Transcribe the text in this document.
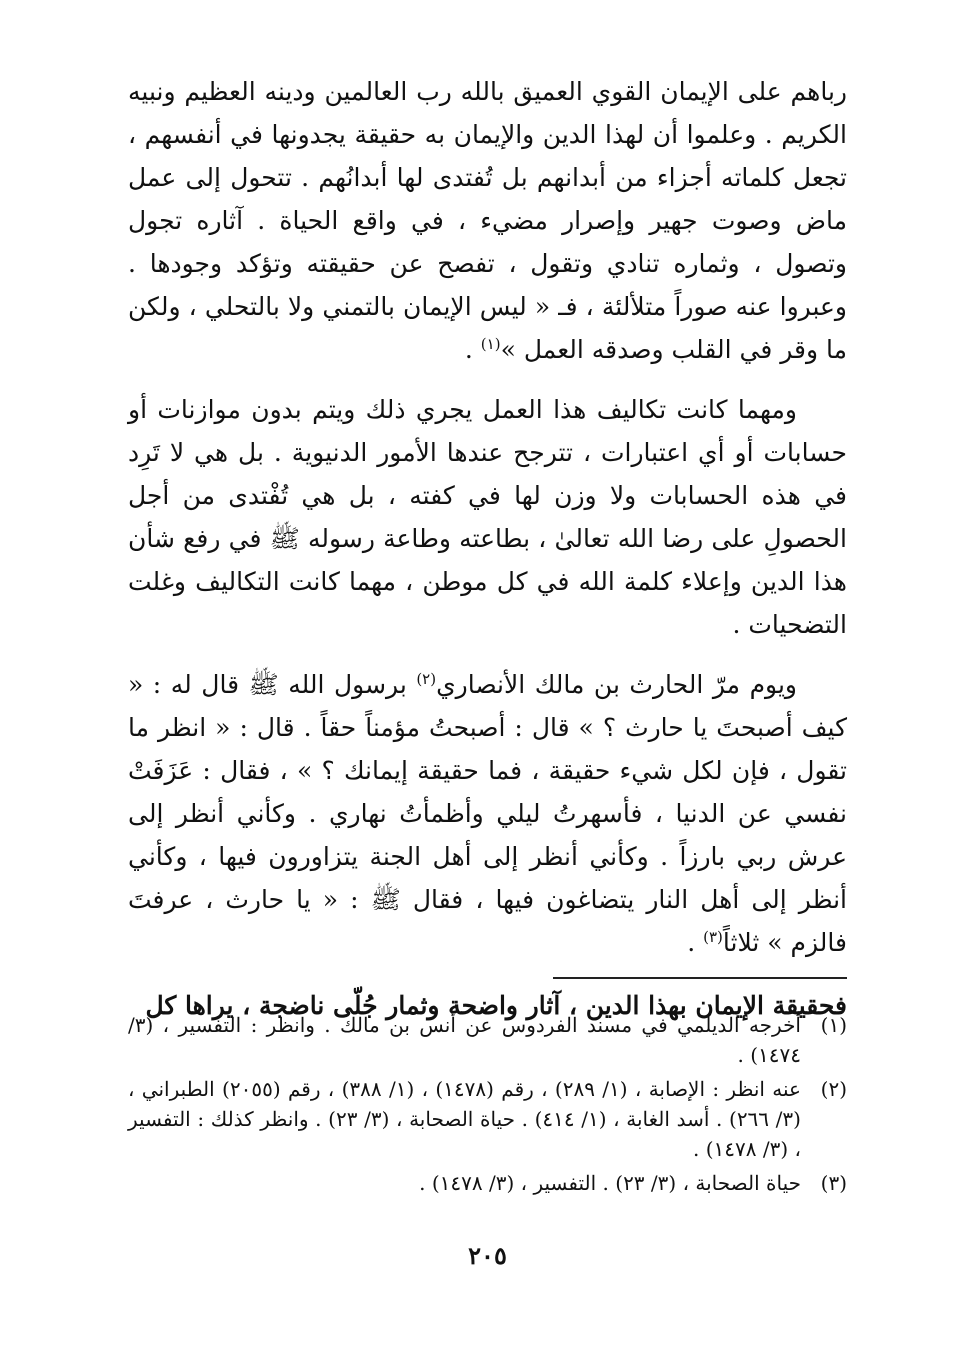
رباهم على الإيمان القوي العميق بالله رب العالمين ودينه العظيم ونبيه الكريم . وعلموا أن لهذا الدين والإيمان به حقيقة يجدونها في أنفسهم ، تجعل كلماته أجزاء من أبدانهم بل تُفتدى لها أبدانُهم . تتحول إلى عمل ماض وصوت جهير وإصرار مضيء ، في واقع الحياة . آثاره تجول وتصول ، وثماره تنادي وتقول ، تفصح عن حقيقته وتؤكد وجودها . وعبروا عنه صوراً متلألئة ، فـ « ليس الإيمان بالتمني ولا بالتحلي ، ولكن ما وقر في القلب وصدقه العمل »$^{(١)}$ .

ومهما كانت تكاليف هذا العمل يجري ذلك ويتم بدون موازنات أو حسابات أو أي اعتبارات ، تترجح عندها الأمور الدنيوية . بل هي لا تَرِد في هذه الحسابات ولا وزن لها في كفته ، بل هي تُفْتدى من أجل الحصولِ على رضا الله تعالىٰ ، بطاعته وطاعة رسوله ﷺ في رفع شأن هذا الدين وإعلاء كلمة الله في كل موطن ، مهما كانت التكاليف وغلت التضحيات .

ويوم مرّ الحارث بن مالك الأنصاري$^{(٢)}$ برسول الله ﷺ قال له : « كيف أصبحتَ يا حارث ؟ » قال : أصبحتُ مؤمناً حقاً . قال : « انظر ما تقول ، فإن لكل شيء حقيقة ، فما حقيقة إيمانك ؟ » ، فقال : عَزَفَتْ نفسي عن الدنيا ، فأسهرتُ ليلي وأظمأتُ نهاري . وكأني أنظر إلى عرش ربي بارزاً . وكأني أنظر إلى أهل الجنة يتزاورون فيها ، وكأني أنظر إلى أهل النار يتضاغون فيها ، فقال ﷺ : « يا حارث ، عرفتَ فالزم » ثلاثاً$^{(٣)}$ .

فحقيقة الإيمان بهذا الدين ، آثار واضحة وثمار جُلّى ناضجة ، يراها كل

(١)
أخرجه الديلمي في مسند الفردوس عن أنس بن مالك . وانظر : التفسير ، (٣/ ١٤٧٤) .
(٢)
عنه انظر : الإصابة ، (١/ ٢٨٩) ، رقم (١٤٧٨) ، (١/ ٣٨٨) ، رقم (٢٠٥٥) الطبراني ، (٣/ ٢٦٦) . أسد الغابة ، (١/ ٤١٤) . حياة الصحابة ، (٣/ ٢٣) . وانظر كذلك : التفسير ، (٣/ ١٤٧٨) .
(٣)
حياة الصحابة ، (٣/ ٢٣) . التفسير ، (٣/ ١٤٧٨) .
٢٠٥
